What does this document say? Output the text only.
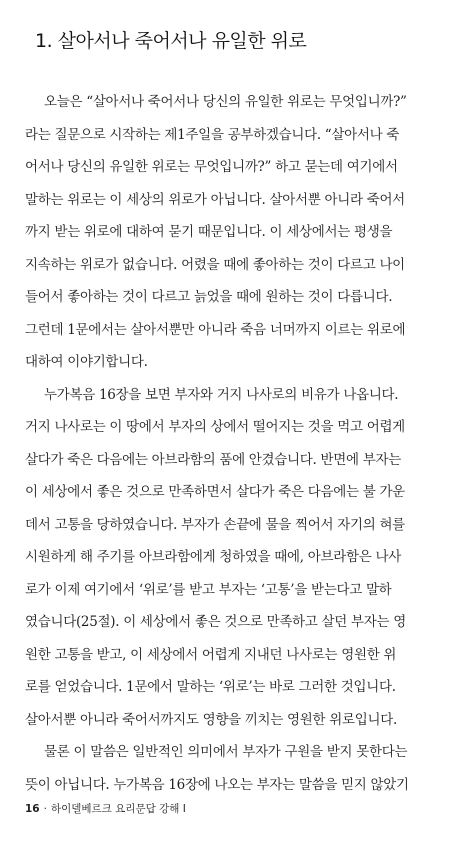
1. 살아서나 죽어서나 유일한 위로
오늘은 “살아서나 죽어서나 당신의 유일한 위로는 무엇입니까?”
라는 질문으로 시작하는 제1주일을 공부하겠습니다. “살아서나 죽
어서나 당신의 유일한 위로는 무엇입니까?” 하고 묻는데 여기에서
말하는 위로는 이 세상의 위로가 아닙니다. 살아서뿐 아니라 죽어서
까지 받는 위로에 대하여 묻기 때문입니다. 이 세상에서는 평생을
지속하는 위로가 없습니다. 어렸을 때에 좋아하는 것이 다르고 나이
들어서 좋아하는 것이 다르고 늙었을 때에 원하는 것이 다릅니다.
그런데 1문에서는 살아서뿐만 아니라 죽음 너머까지 이르는 위로에
대하여 이야기합니다.
누가복음 16장을 보면 부자와 거지 나사로의 비유가 나옵니다.
거지 나사로는 이 땅에서 부자의 상에서 떨어지는 것을 먹고 어렵게
살다가 죽은 다음에는 아브라함의 품에 안겼습니다. 반면에 부자는
이 세상에서 좋은 것으로 만족하면서 살다가 죽은 다음에는 불 가운
데서 고통을 당하였습니다. 부자가 손끝에 물을 찍어서 자기의 혀를
시원하게 해 주기를 아브라함에게 청하였을 때에, 아브라함은 나사
로가 이제 여기에서 ‘위로’를 받고 부자는 ‘고통’을 받는다고 말하
였습니다(25절). 이 세상에서 좋은 것으로 만족하고 살던 부자는 영
원한 고통을 받고, 이 세상에서 어렵게 지내던 나사로는 영원한 위
로를 얻었습니다. 1문에서 말하는 ‘위로’는 바로 그러한 것입니다.
살아서뿐 아니라 죽어서까지도 영향을 끼치는 영원한 위로입니다.
물론 이 말씀은 일반적인 의미에서 부자가 구원을 받지 못한다는
뜻이 아닙니다. 누가복음 16장에 나오는 부자는 말씀을 믿지 않았기
16 · 하이델베르크 요리문답 강해 I
